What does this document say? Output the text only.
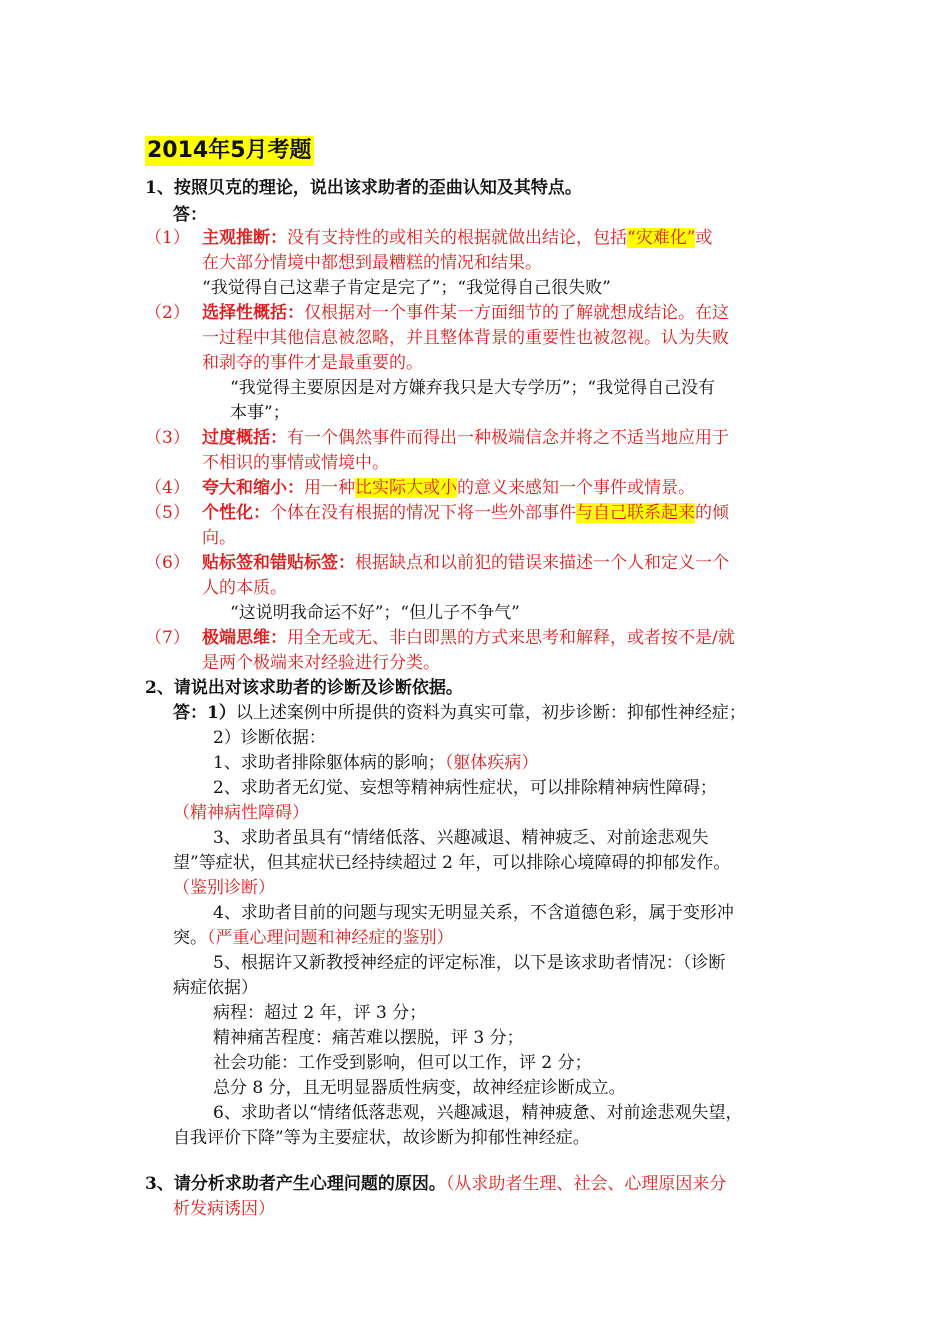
2014年5月考题
1、按照贝克的理论，说出该求助者的歪曲认知及其特点。
答：
（1） 主观推断：没有支持性的或相关的根据就做出结论，包括“灾难化”或
在大部分情境中都想到最糟糕的情况和结果。
“我觉得自己这辈子肯定是完了”；“我觉得自己很失败”
（2） 选择性概括：仅根据对一个事件某一方面细节的了解就想成结论。在这
一过程中其他信息被忽略，并且整体背景的重要性也被忽视。认为失败
和剥夺的事件才是最重要的。
“我觉得主要原因是对方嫌弃我只是大专学历”；“我觉得自己没有
本事”；
（3） 过度概括：有一个偶然事件而得出一种极端信念并将之不适当地应用于
不相识的事情或情境中。
（4） 夸大和缩小：用一种比实际大或小的意义来感知一个事件或情景。
（5） 个性化：个体在没有根据的情况下将一些外部事件与自己联系起来的倾
向。
（6） 贴标签和错贴标签：根据缺点和以前犯的错误来描述一个人和定义一个
人的本质。
“这说明我命运不好”；“但儿子不争气”
（7） 极端思维：用全无或无、非白即黑的方式来思考和解释，或者按不是/就
是两个极端来对经验进行分类。
2、请说出对该求助者的诊断及诊断依据。
答：1）以上述案例中所提供的资料为真实可靠，初步诊断：抑郁性神经症；
2）诊断依据：
1、求助者排除躯体病的影响；（躯体疾病）
2、求助者无幻觉、妄想等精神病性症状，可以排除精神病性障碍；
（精神病性障碍）
3、求助者虽具有“情绪低落、兴趣减退、精神疲乏、对前途悲观失
望”等症状，但其症状已经持续超过 2 年，可以排除心境障碍的抑郁发作。
（鉴别诊断）
4、求助者目前的问题与现实无明显关系，不含道德色彩，属于变形冲
突。（严重心理问题和神经症的鉴别）
5、根据许又新教授神经症的评定标准，以下是该求助者情况：（诊断
病症依据）
病程：超过 2 年，评 3 分；
精神痛苦程度：痛苦难以摆脱，评 3 分；
社会功能：工作受到影响，但可以工作，评 2 分；
总分 8 分，且无明显器质性病变，故神经症诊断成立。
6、求助者以“情绪低落悲观，兴趣减退，精神疲惫、对前途悲观失望，
自我评价下降”等为主要症状，故诊断为抑郁性神经症。
3、请分析求助者产生心理问题的原因。（从求助者生理、社会、心理原因来分
析发病诱因）
